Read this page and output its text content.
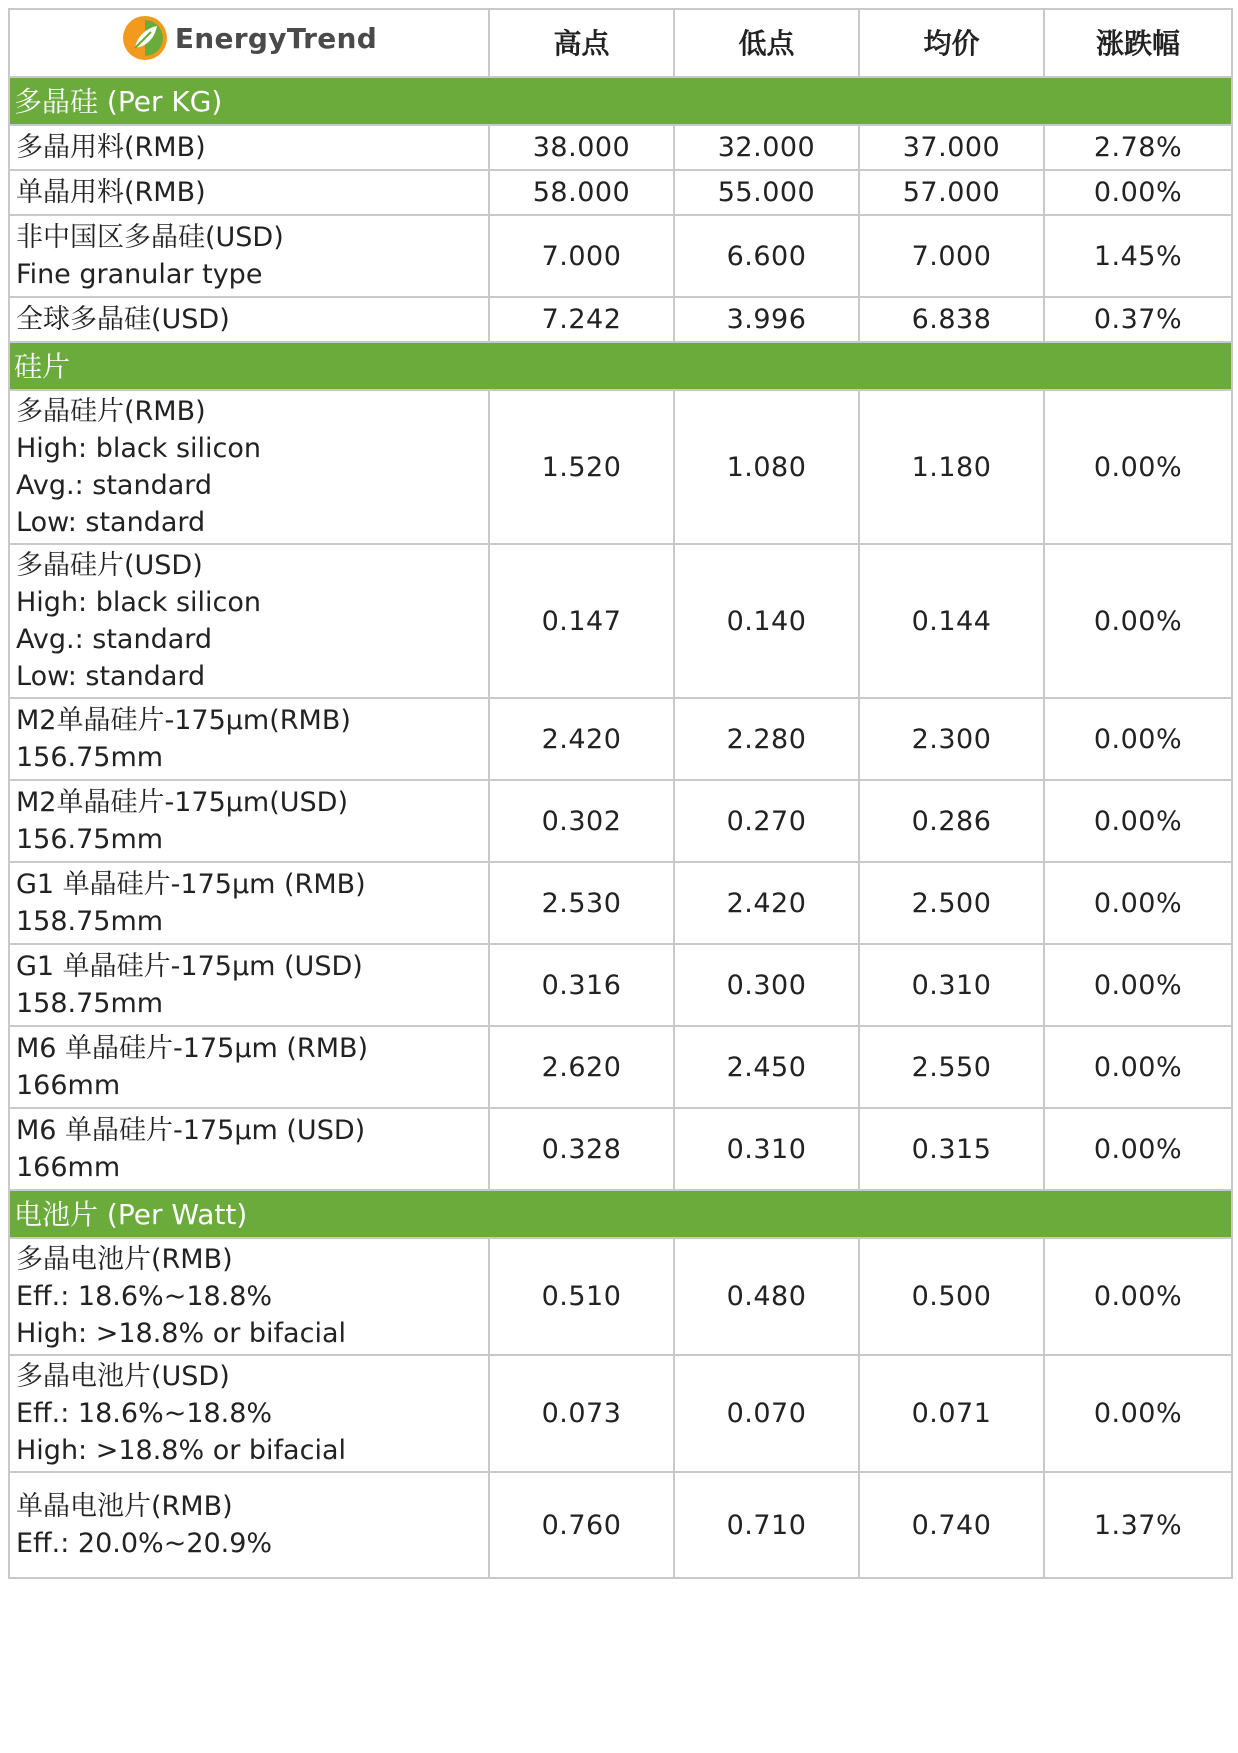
EnergyTrend	高点	低点	均价	涨跌幅
多晶硅 (Per KG)				

多晶用料(RMB)	38.000	32.000	37.000	2.78%

单晶用料(RMB)	58.000	55.000	57.000	0.00%

非中国区多晶硅(USD)
Fine granular type	7.000	6.600	7.000	1.45%

全球多晶硅(USD)	7.242	3.996	6.838	0.37%
硅片				

多晶硅片(RMB)
High: black silicon
Avg.: standard
Low: standard	1.520	1.080	1.180	0.00%

多晶硅片(USD)
High: black silicon
Avg.: standard
Low: standard	0.147	0.140	0.144	0.00%

M2单晶硅片-175μm(RMB)
156.75mm	2.420	2.280	2.300	0.00%

M2单晶硅片-175μm(USD)
156.75mm	0.302	0.270	0.286	0.00%

G1 单晶硅片-175μm (RMB)
158.75mm	2.530	2.420	2.500	0.00%

G1 单晶硅片-175μm (USD)
158.75mm	0.316	0.300	0.310	0.00%

M6 单晶硅片-175μm (RMB)
166mm	2.620	2.450	2.550	0.00%

M6 单晶硅片-175μm (USD)
166mm	0.328	0.310	0.315	0.00%
电池片 (Per Watt)				

多晶电池片(RMB)
Eff.: 18.6%~18.8%
High: >18.8% or bifacial	0.510	0.480	0.500	0.00%

多晶电池片(USD)
Eff.: 18.6%~18.8%
High: >18.8% or bifacial	0.073	0.070	0.071	0.00%

单晶电池片(RMB)
Eff.: 20.0%~20.9%	0.760	0.710	0.740	1.37%
